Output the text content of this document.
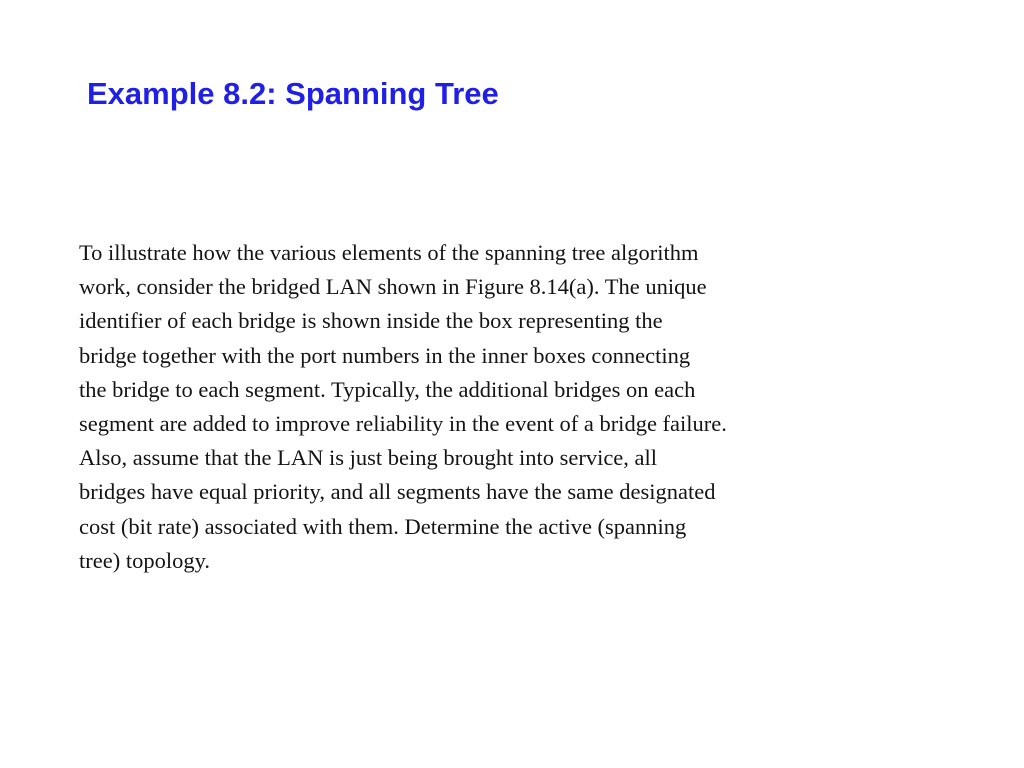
Example 8.2: Spanning Tree

To illustrate how the various elements of the spanning tree algorithm
work, consider the bridged LAN shown in Figure 8.14(a). The unique
identifier of each bridge is shown inside the box representing the
bridge together with the port numbers in the inner boxes connecting
the bridge to each segment. Typically, the additional bridges on each
segment are added to improve reliability in the event of a bridge failure.
Also, assume that the LAN is just being brought into service, all
bridges have equal priority, and all segments have the same designated
cost (bit rate) associated with them. Determine the active (spanning
tree) topology.
